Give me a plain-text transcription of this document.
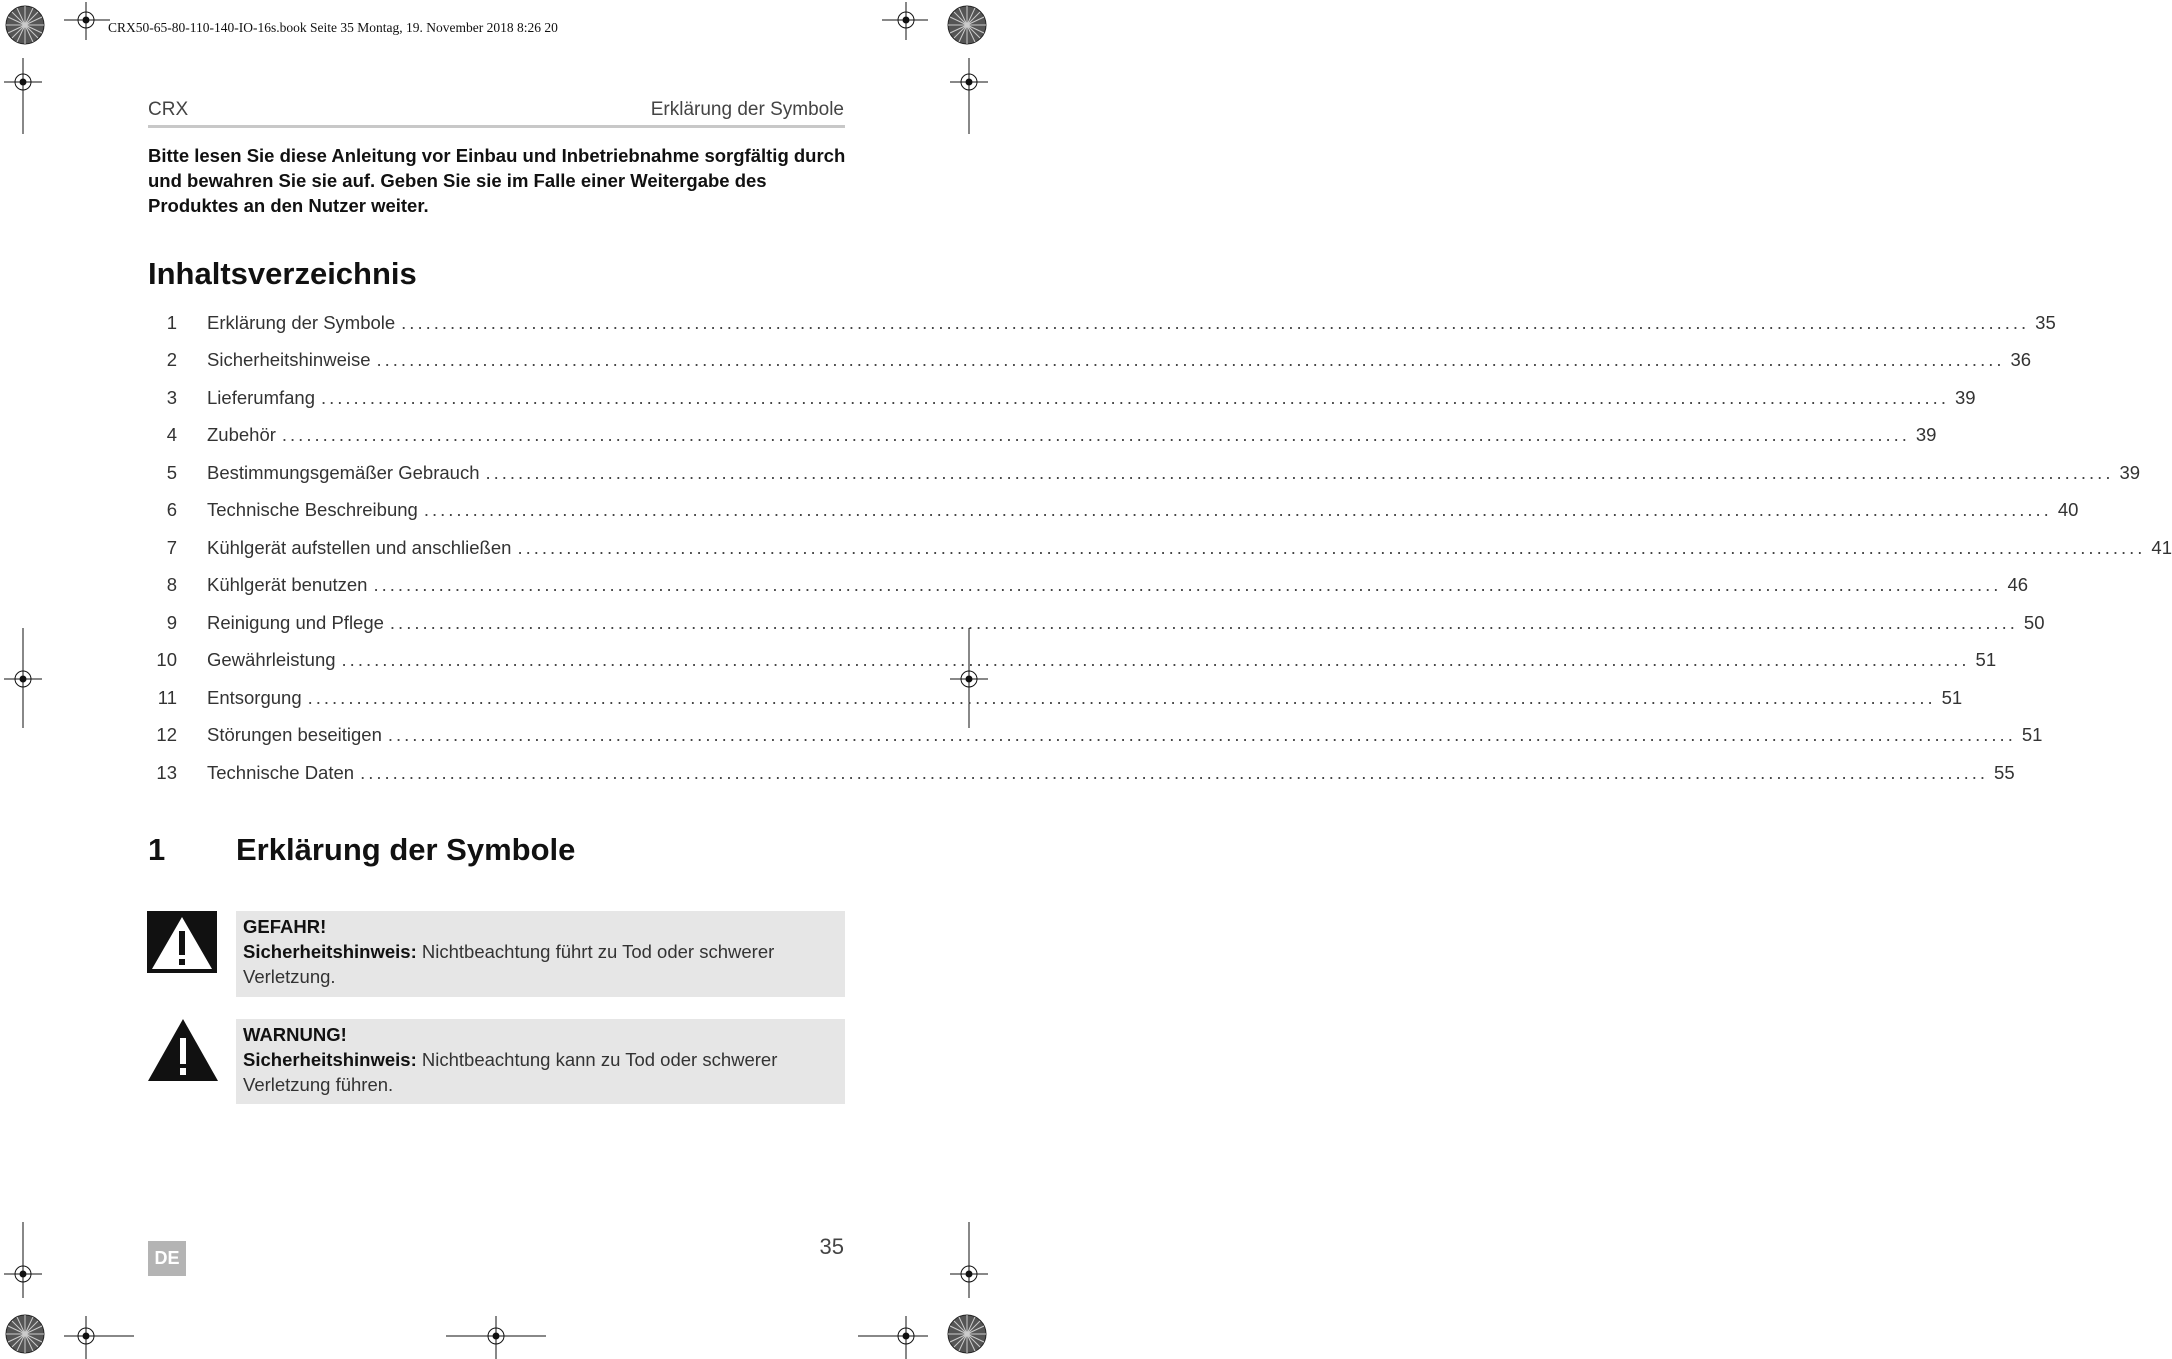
CRX50-65-80-110-140-IO-16s.book Seite 35 Montag, 19. November 2018 8:26 20
CRX	Erklärung der Symbole
Bitte lesen Sie diese Anleitung vor Einbau und Inbetriebnahme sorgfältig durch und bewahren Sie sie auf. Geben Sie sie im Falle einer Weitergabe des Produktes an den Nutzer weiter.
Inhaltsverzeichnis
1 Erklärung der Symbole ........................................................................................................................................................................................................ 35
2 Sicherheitshinweise ........................................................................................................................................................................................................ 36
3 Lieferumfang ........................................................................................................................................................................................................ 39
4 Zubehör ........................................................................................................................................................................................................ 39
5 Bestimmungsgemäßer Gebrauch ........................................................................................................................................................................................................ 39
6 Technische Beschreibung ........................................................................................................................................................................................................ 40
7 Kühlgerät aufstellen und anschließen ........................................................................................................................................................................................................ 41
8 Kühlgerät benutzen ........................................................................................................................................................................................................ 46
9 Reinigung und Pflege ........................................................................................................................................................................................................ 50
10 Gewährleistung ........................................................................................................................................................................................................ 51
11 Entsorgung ........................................................................................................................................................................................................ 51
12 Störungen beseitigen ........................................................................................................................................................................................................ 51
13 Technische Daten ........................................................................................................................................................................................................ 55
1 Erklärung der Symbole
GEFAHR!
Sicherheitshinweis: Nichtbeachtung führt zu Tod oder schwerer Verletzung.
WARNUNG!
Sicherheitshinweis: Nichtbeachtung kann zu Tod oder schwerer Verletzung führen.
35
DE
